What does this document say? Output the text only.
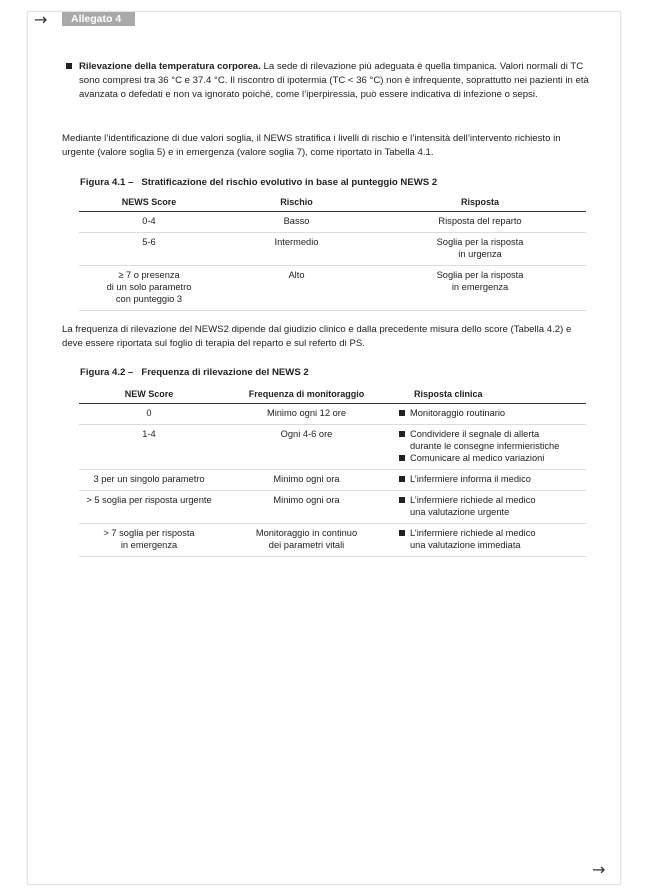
→	Allegato 4
Rilevazione della temperatura corporea. La sede di rilevazione più adeguata è quella timpanica. Valori normali di TC sono compresi tra 36 °C e 37.4 °C. Il riscontro di ipotermia (TC < 36 °C) non è infrequente, soprattutto nei pazienti in età avanzata o defedati e non va ignorato poiché, come l’iperpiressia, può essere indicativa di infezione o sepsi.
Mediante l’identificazione di due valori soglia, il NEWS stratifica i livelli di rischio e l’intensità dell’intervento richiesto in urgente (valore soglia 5) e in emergenza (valore soglia 7), come riportato in Tabella 4.1.
Figura 4.1 – Stratificazione del rischio evolutivo in base al punteggio NEWS 2
NEWS Score	Rischio	Risposta
0-4	Basso	Risposta del reparto
5-6	Intermedio	Soglia per la risposta
in urgenza
≥ 7 o presenza
di un solo parametro
con punteggio 3	Alto	Soglia per la risposta
in emergenza
La frequenza di rilevazione del NEWS2 dipende dal giudizio clinico e dalla precedente misura dello score (Tabella 4.2) e deve essere riportata sul foglio di terapia del reparto e sul referto di PS.
Figura 4.2 – Frequenza di rilevazione del NEWS 2
NEW Score	Frequenza di monitoraggio	Risposta clinica
0	Minimo ogni 12 ore	Monitoraggio routinario

1-4	Ogni 4-6 ore	Condividere il segnale di allerta
durante le consegne infermieristiche
Comunicare al medico variazioni

3 per un singolo parametro	Minimo ogni ora	L’infermiere informa il medico

> 5 soglia per risposta urgente	Minimo ogni ora	L’infermiere richiede al medico
una valutazione urgente

> 7 soglia per risposta
in emergenza	Monitoraggio in continuo
dei parametri vitali	L’infermiere richiede al medico
una valutazione immediata
→
